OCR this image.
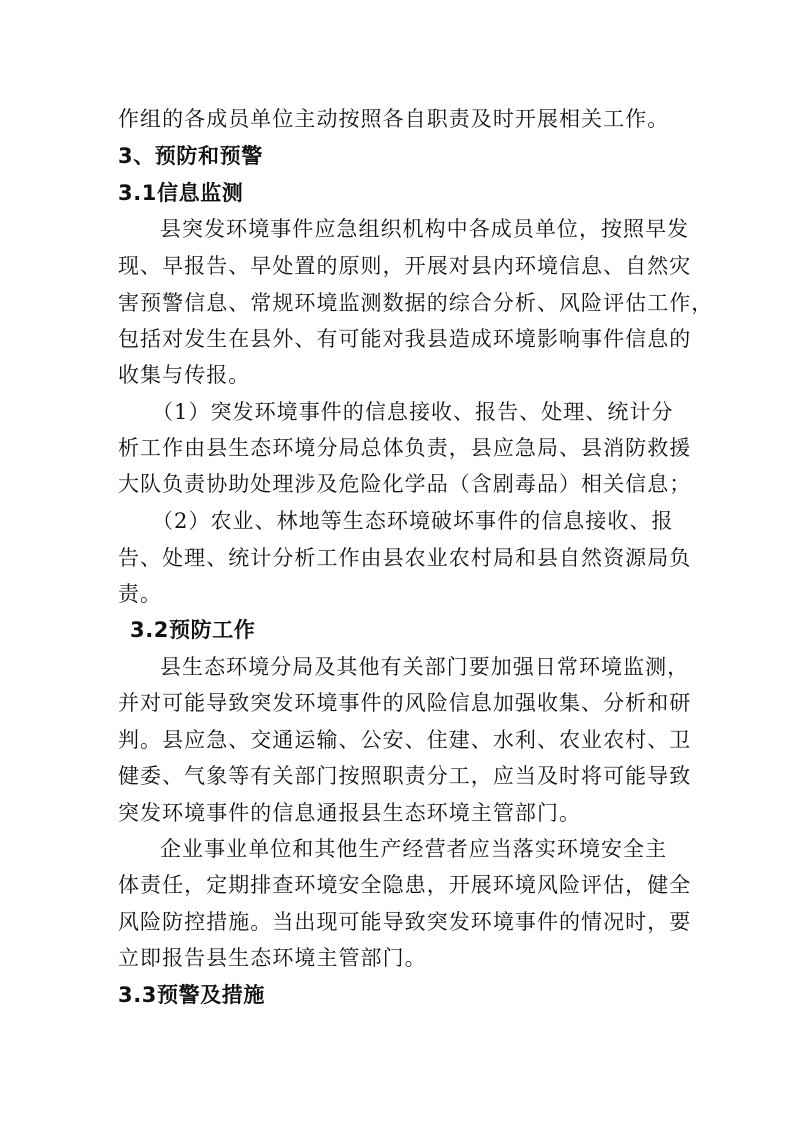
作组的各成员单位主动按照各自职责及时开展相关工作。
3、预防和预警
3.1信息监测
县突发环境事件应急组织机构中各成员单位，按照早发
现、早报告、早处置的原则，开展对县内环境信息、自然灾
害预警信息、常规环境监测数据的综合分析、风险评估工作，
包括对发生在县外、有可能对我县造成环境影响事件信息的
收集与传报。
（1）突发环境事件的信息接收、报告、处理、统计分
析工作由县生态环境分局总体负责，县应急局、县消防救援
大队负责协助处理涉及危险化学品（含剧毒品）相关信息；
（2）农业、林地等生态环境破坏事件的信息接收、报
告、处理、统计分析工作由县农业农村局和县自然资源局负
责。
3.2预防工作
县生态环境分局及其他有关部门要加强日常环境监测，
并对可能导致突发环境事件的风险信息加强收集、分析和研
判。县应急、交通运输、公安、住建、水利、农业农村、卫
健委、气象等有关部门按照职责分工，应当及时将可能导致
突发环境事件的信息通报县生态环境主管部门。
企业事业单位和其他生产经营者应当落实环境安全主
体责任，定期排查环境安全隐患，开展环境风险评估，健全
风险防控措施。当出现可能导致突发环境事件的情况时，要
立即报告县生态环境主管部门。
3.3预警及措施
